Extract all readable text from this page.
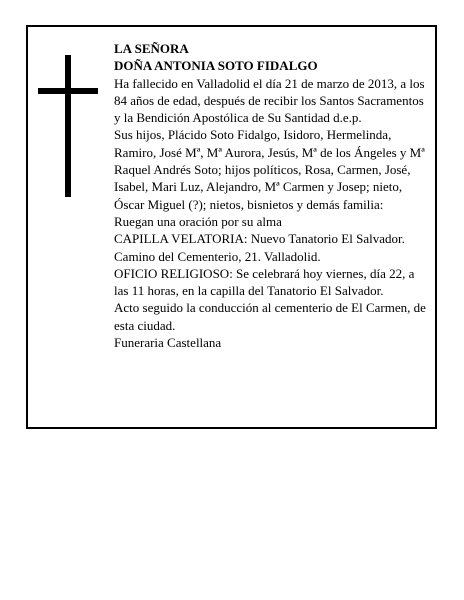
LA SEÑORA

DOÑA ANTONIA SOTO FIDALGO

Ha fallecido en Valladolid el día 21 de marzo de 2013, a los 84 años de edad, después de recibir los Santos Sacramentos y la Bendición Apostólica de Su Santidad d.e.p.

Sus hijos, Plácido Soto Fidalgo, Isidoro, Hermelinda, Ramiro, José Mª, Mª Aurora, Jesús, Mª de los Ángeles y Mª Raquel Andrés Soto; hijos políticos, Rosa, Carmen, José, Isabel, Mari Luz, Alejandro, Mª Carmen y Josep; nieto, Óscar Miguel (?); nietos, bisnietos y demás familia:

Ruegan una oración por su alma

CAPILLA VELATORIA: Nuevo Tanatorio El Salvador. Camino del Cementerio, 21. Valladolid.

OFICIO RELIGIOSO: Se celebrará hoy viernes, día 22, a las 11 horas, en la capilla del Tanatorio El Salvador.

Acto seguido la conducción al cementerio de El Carmen, de esta ciudad.

Funeraria Castellana
